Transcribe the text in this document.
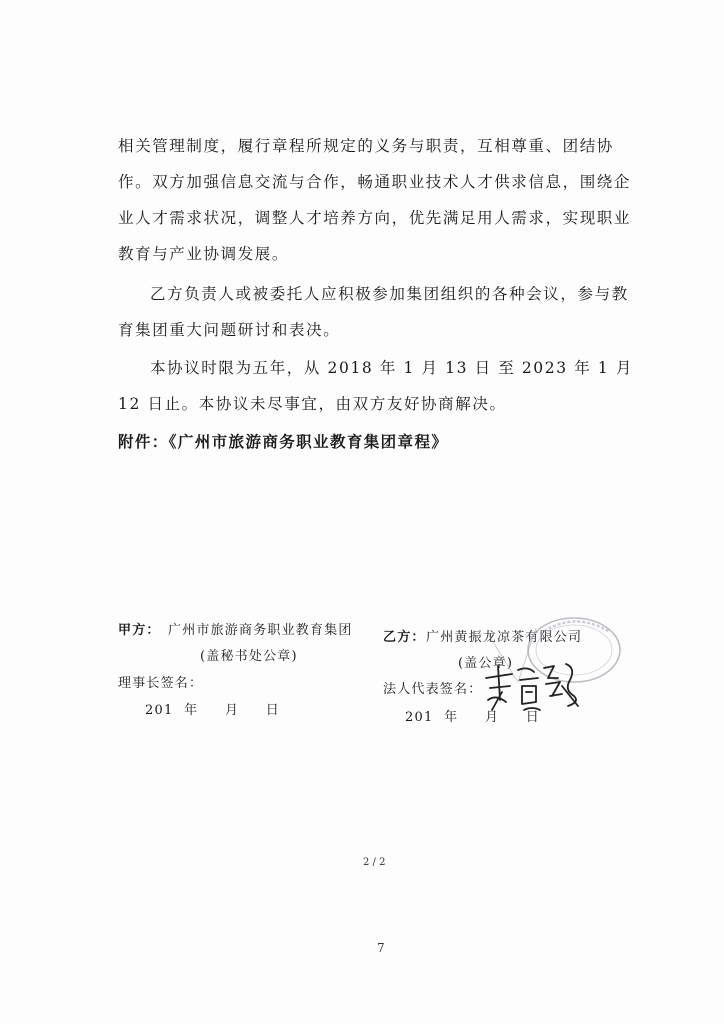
相关管理制度，履行章程所规定的义务与职责，互相尊重、团结协作。双方加强信息交流与合作，畅通职业技术人才供求信息，围绕企业人才需求状况，调整人才培养方向，优先满足用人需求，实现职业教育与产业协调发展。

乙方负责人或被委托人应积极参加集团组织的各种会议，参与教育集团重大问题研讨和表决。

本协议时限为五年，从 2018 年 1 月 13 日 至 2023 年 1 月 12 日止。本协议未尽事宜，由双方友好协商解决。

附件：《广州市旅游商务职业教育集团章程》

甲方： 广州市旅游商务职业教育集团

(盖秘书处公章)

理事长签名：

201  年     月     日

乙方： 广州黄振龙凉茶有限公司

(盖公章)

法人代表签名：

201  年     月     日

2 / 2

7
